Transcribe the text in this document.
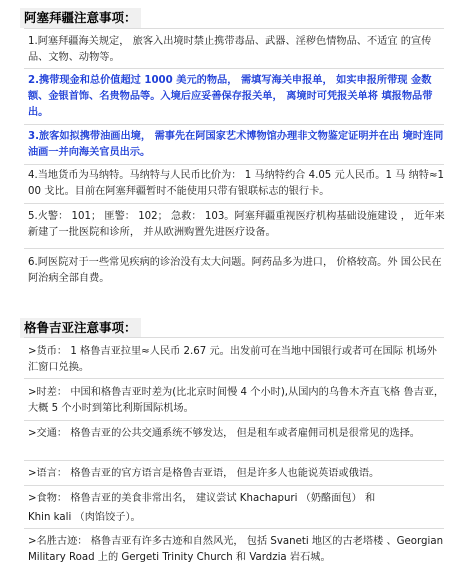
阿塞拜疆注意事项：
1.阿塞拜疆海关规定， 旅客入出境时禁止携带毒品、武器、淫秽色情物品、不适宜 的宣传品、文物、动物等。
2.携带现金和总价值超过 1000 美元的物品， 需填写海关申报单， 如实申报所带现 金数额、金银首饰、名贵物品等。入境后应妥善保存报关单， 离境时可凭报关单将 填报物品带出。
3.旅客如拟携带油画出境， 需事先在阿国家艺术博物馆办理非文物鉴定证明并在出 境时连同油画一并向海关官员出示。
4.当地货币为马纳特。马纳特与人民币比价为： 1 马纳特约合 4.05 元人民币。1 马 纳特≈100 戈比。目前在阿塞拜疆暂时不能使用只带有银联标志的银行卡。
5.火警： 101； 匪警： 102； 急救： 103。阿塞拜疆重视医疗机构基础设施建设 ， 近年来新建了一批医院和诊所， 并从欧洲购置先进医疗设备。
6.阿医院对于一些常见疾病的诊治没有太大问题。阿药品多为进口， 价格较高。外 国公民在阿治病全部自费。
格鲁吉亚注意事项：
>货币： 1 格鲁吉亚拉里≈人民币 2.67 元。出发前可在当地中国银行或者可在国际 机场外汇窗口兑换。
>时差： 中国和格鲁吉亚时差为(比北京时间慢 4 个小时),从国内的乌鲁木齐直飞格 鲁吉亚， 大概 5 个小时到第比利斯国际机场。
>交通： 格鲁吉亚的公共交通系统不够发达， 但是租车或者雇佣司机是很常见的选择。
>语言： 格鲁吉亚的官方语言是格鲁吉亚语， 但是许多人也能说英语或俄语。
>食物： 格鲁吉亚的美食非常出名， 建议尝试 Khachapuri （奶酪面包） 和
Khin kali （肉馅饺子）。
>名胜古迹： 格鲁吉亚有许多古迹和自然风光， 包括 Svaneti 地区的古老塔楼 、Georgian Military Road 上的 Gergeti Trinity Church 和 Vardzia 岩石城。
